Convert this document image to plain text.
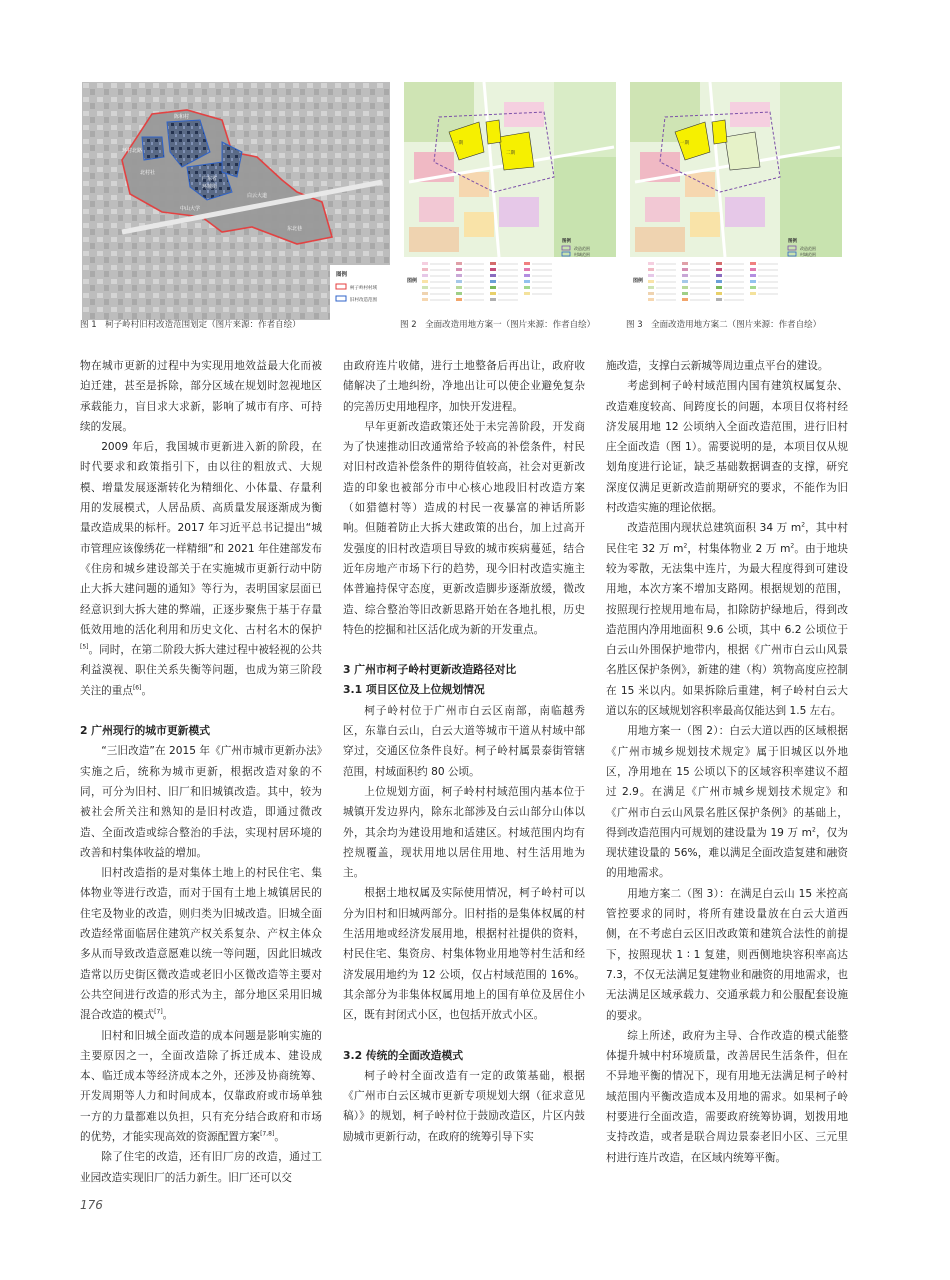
陈和村
环村北路
北村社
广东省
环城街
白云大道
中山大学
东北巷
图例
柯子岭村村域
旧村改造范围
图 1　柯子岭村旧村改造范围划定（图片来源：作者自绘）
一期
二期
图例
图例
改造范围
村域范围
图 2　全面改造用地方案一（图片来源：作者自绘）
一期
图例
图例
改造范围
村域范围
图 3　全面改造用地方案二（图片来源：作者自绘）

物在城市更新的过程中为实现用地效益最大化而被迫迁建，甚至是拆除，部分区域在规划时忽视地区承载能力，盲目求大求新，影响了城市有序、可持续的发展。

2009 年后，我国城市更新进入新的阶段，在时代要求和政策指引下，由以往的粗放式、大规模、增量发展逐渐转化为精细化、小体量、存量利用的发展模式，人居品质、高质量发展逐渐成为衡量改造成果的标杆。2017 年习近平总书记提出“城市管理应该像绣花一样精细”和 2021 年住建部发布《住房和城乡建设部关于在实施城市更新行动中防止大拆大建问题的通知》等行为，表明国家层面已经意识到大拆大建的弊端，正逐步聚焦于基于存量低效用地的活化利用和历史文化、古村名木的保护[5]。同时，在第二阶段大拆大建过程中被轻视的公共利益漠视、职住关系失衡等问题，也成为第三阶段关注的重点[6]。

2 广州现行的城市更新模式

“三旧改造”在 2015 年《广州市城市更新办法》实施之后，统称为城市更新，根据改造对象的不同，可分为旧村、旧厂和旧城镇改造。其中，较为被社会所关注和熟知的是旧村改造，即通过微改造、全面改造或综合整治的手法，实现村居环境的改善和村集体收益的增加。

旧村改造指的是对集体土地上的村民住宅、集体物业等进行改造，而对于国有土地上城镇居民的住宅及物业的改造，则归类为旧城改造。旧城全面改造经常面临居住建筑产权关系复杂、产权主体众多从而导致改造意愿难以统一等问题，因此旧城改造常以历史街区微改造或老旧小区微改造等主要对公共空间进行改造的形式为主，部分地区采用旧城混合改造的模式[7]。

旧村和旧城全面改造的成本问题是影响实施的主要原因之一，全面改造除了拆迁成本、建设成本、临迁成本等经济成本之外，还涉及协商统筹、开发周期等人力和时间成本，仅靠政府或市场单独一方的力量都难以负担，只有充分结合政府和市场的优势，才能实现高效的资源配置方案[7,8]。

除了住宅的改造，还有旧厂房的改造，通过工业园改造实现旧厂的活力新生。旧厂还可以交

由政府连片收储，进行土地整备后再出让，政府收储解决了土地纠纷，净地出让可以使企业避免复杂的完善历史用地程序，加快开发进程。

早年更新改造政策还处于未完善阶段，开发商为了快速推动旧改通常给予较高的补偿条件，村民对旧村改造补偿条件的期待值较高，社会对更新改造的印象也被部分市中心核心地段旧村改造方案（如猎德村等）造成的村民一夜暴富的神话所影响。但随着防止大拆大建政策的出台，加上过高开发强度的旧村改造项目导致的城市疾病蔓延，结合近年房地产市场下行的趋势，现今旧村改造实施主体普遍持保守态度，更新改造脚步逐渐放缓，微改造、综合整治等旧改新思路开始在各地扎根，历史特色的挖掘和社区活化成为新的开发重点。

3 广州市柯子岭村更新改造路径对比
3.1 项目区位及上位规划情况

柯子岭村位于广州市白云区南部，南临越秀区，东靠白云山，白云大道等城市干道从村域中部穿过，交通区位条件良好。柯子岭村属景泰街管辖范围，村域面积约 80 公顷。

上位规划方面，柯子岭村村域范围内基本位于城镇开发边界内，除东北部涉及白云山部分山体以外，其余均为建设用地和适建区。村域范围内均有控规覆盖，现状用地以居住用地、村生活用地为主。

根据土地权属及实际使用情况，柯子岭村可以分为旧村和旧城两部分。旧村指的是集体权属的村生活用地或经济发展用地，根据村社提供的资料，村民住宅、集资房、村集体物业用地等村生活和经济发展用地约为 12 公顷，仅占村域范围的 16%。其余部分为非集体权属用地上的国有单位及居住小区，既有封闭式小区，也包括开放式小区。

3.2 传统的全面改造模式

柯子岭村全面改造有一定的政策基础，根据《广州市白云区城市更新专项规划大纲（征求意见稿）》的规划，柯子岭村位于鼓励改造区，片区内鼓励城市更新行动，在政府的统筹引导下实

施改造，支撑白云新城等周边重点平台的建设。

考虑到柯子岭村域范围内国有建筑权属复杂、改造难度较高、间跨度长的问题，本项目仅将村经济发展用地 12 公顷纳入全面改造范围，进行旧村庄全面改造（图 1）。需要说明的是，本项目仅从规划角度进行论证，缺乏基础数据调查的支撑，研究深度仅满足更新改造前期研究的要求，不能作为旧村改造实施的理论依据。

改造范围内现状总建筑面积 34 万 $m^2$，其中村民住宅 32 万 $m^2$，村集体物业 2 万 $m^2$。由于地块较为零散，无法集中连片，为最大程度得到可建设用地，本次方案不增加支路网。根据规划的范围，按照现行控规用地布局，扣除防护绿地后，得到改造范围内净用地面积 9.6 公顷，其中 6.2 公顷位于白云山外围保护地带内，根据《广州市白云山风景名胜区保护条例》，新建的建（构）筑物高度应控制在 15 米以内。如果拆除后重建，柯子岭村白云大道以东的区域规划容积率最高仅能达到 1.5 左右。

用地方案一（图 2）：白云大道以西的区域根据《广州市城乡规划技术规定》属于旧城区以外地区，净用地在 15 公顷以下的区域容积率建议不超过 2.9。在满足《广州市城乡规划技术规定》和《广州市白云山风景名胜区保护条例》的基础上，得到改造范围内可规划的建设量为 19 万 $m^2$，仅为现状建设量的 56%，难以满足全面改造复建和融资的用地需求。

用地方案二（图 3）：在满足白云山 15 米控高管控要求的同时，将所有建设量放在白云大道西侧，在不考虑白云区旧改政策和建筑合法性的前提下，按照现状 1 ∶ 1 复建，则西侧地块容积率高达 7.3，不仅无法满足复建物业和融资的用地需求，也无法满足区域承载力、交通承载力和公服配套设施的要求。

综上所述，政府为主导、合作改造的模式能整体提升城中村环境质量，改善居民生活条件，但在不异地平衡的情况下，现有用地无法满足柯子岭村域范围内平衡改造成本及用地的需求。如果柯子岭村要进行全面改造，需要政府统筹协调，划拨用地支持改造，或者是联合周边景泰老旧小区、三元里村进行连片改造，在区域内统筹平衡。

176
